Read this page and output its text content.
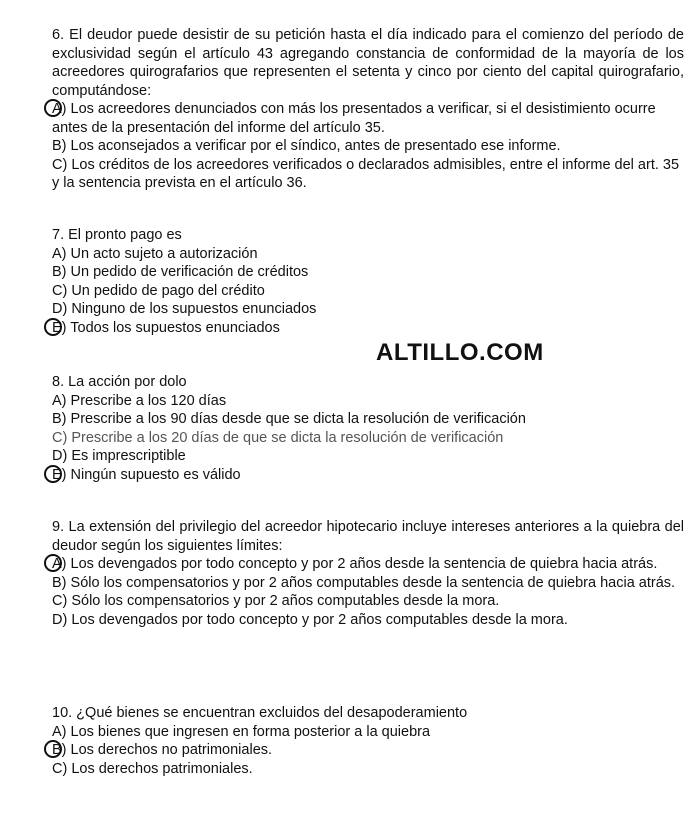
6. El deudor puede desistir de su petición hasta el día indicado para el comienzo del período de exclusividad según el artículo 43 agregando constancia de conformidad de la mayoría de los acreedores quirografarios que representen el setenta y cinco por ciento del capital quirografario, computándose:
A) Los acreedores denunciados con más los presentados a verificar, si el desistimiento ocurre antes de la presentación del informe del artículo 35.
B) Los aconsejados a verificar por el síndico, antes de presentado ese informe.
C) Los créditos de los acreedores verificados o declarados admisibles, entre el informe del art. 35 y la sentencia prevista en el artículo 36.
7. El pronto pago es
A) Un acto sujeto a autorización
B) Un pedido de verificación de créditos
C) Un pedido de pago del crédito
D) Ninguno de los supuestos enunciados
E) Todos los supuestos enunciados
ALTILLO.COM
8. La acción por dolo
A) Prescribe a los 120 días
B) Prescribe a los 90 días desde que se dicta la resolución de verificación
C) Prescribe a los 20 días de que se dicta la resolución de verificación
D) Es imprescriptible
E) Ningún supuesto es válido
9. La extensión del privilegio del acreedor hipotecario incluye intereses anteriores a la quiebra del deudor según los siguientes límites:
A) Los devengados por todo concepto y por 2 años desde la sentencia de quiebra hacia atrás.
B) Sólo los compensatorios y por 2 años computables desde la sentencia de quiebra hacia atrás.
C) Sólo los compensatorios y por 2 años computables desde la mora.
D) Los devengados por todo concepto y por 2 años computables desde la mora.
10. ¿Qué bienes se encuentran excluidos del desapoderamiento
A) Los bienes que ingresen en forma posterior a la quiebra
B) Los derechos no patrimoniales.
C) Los derechos patrimoniales.
